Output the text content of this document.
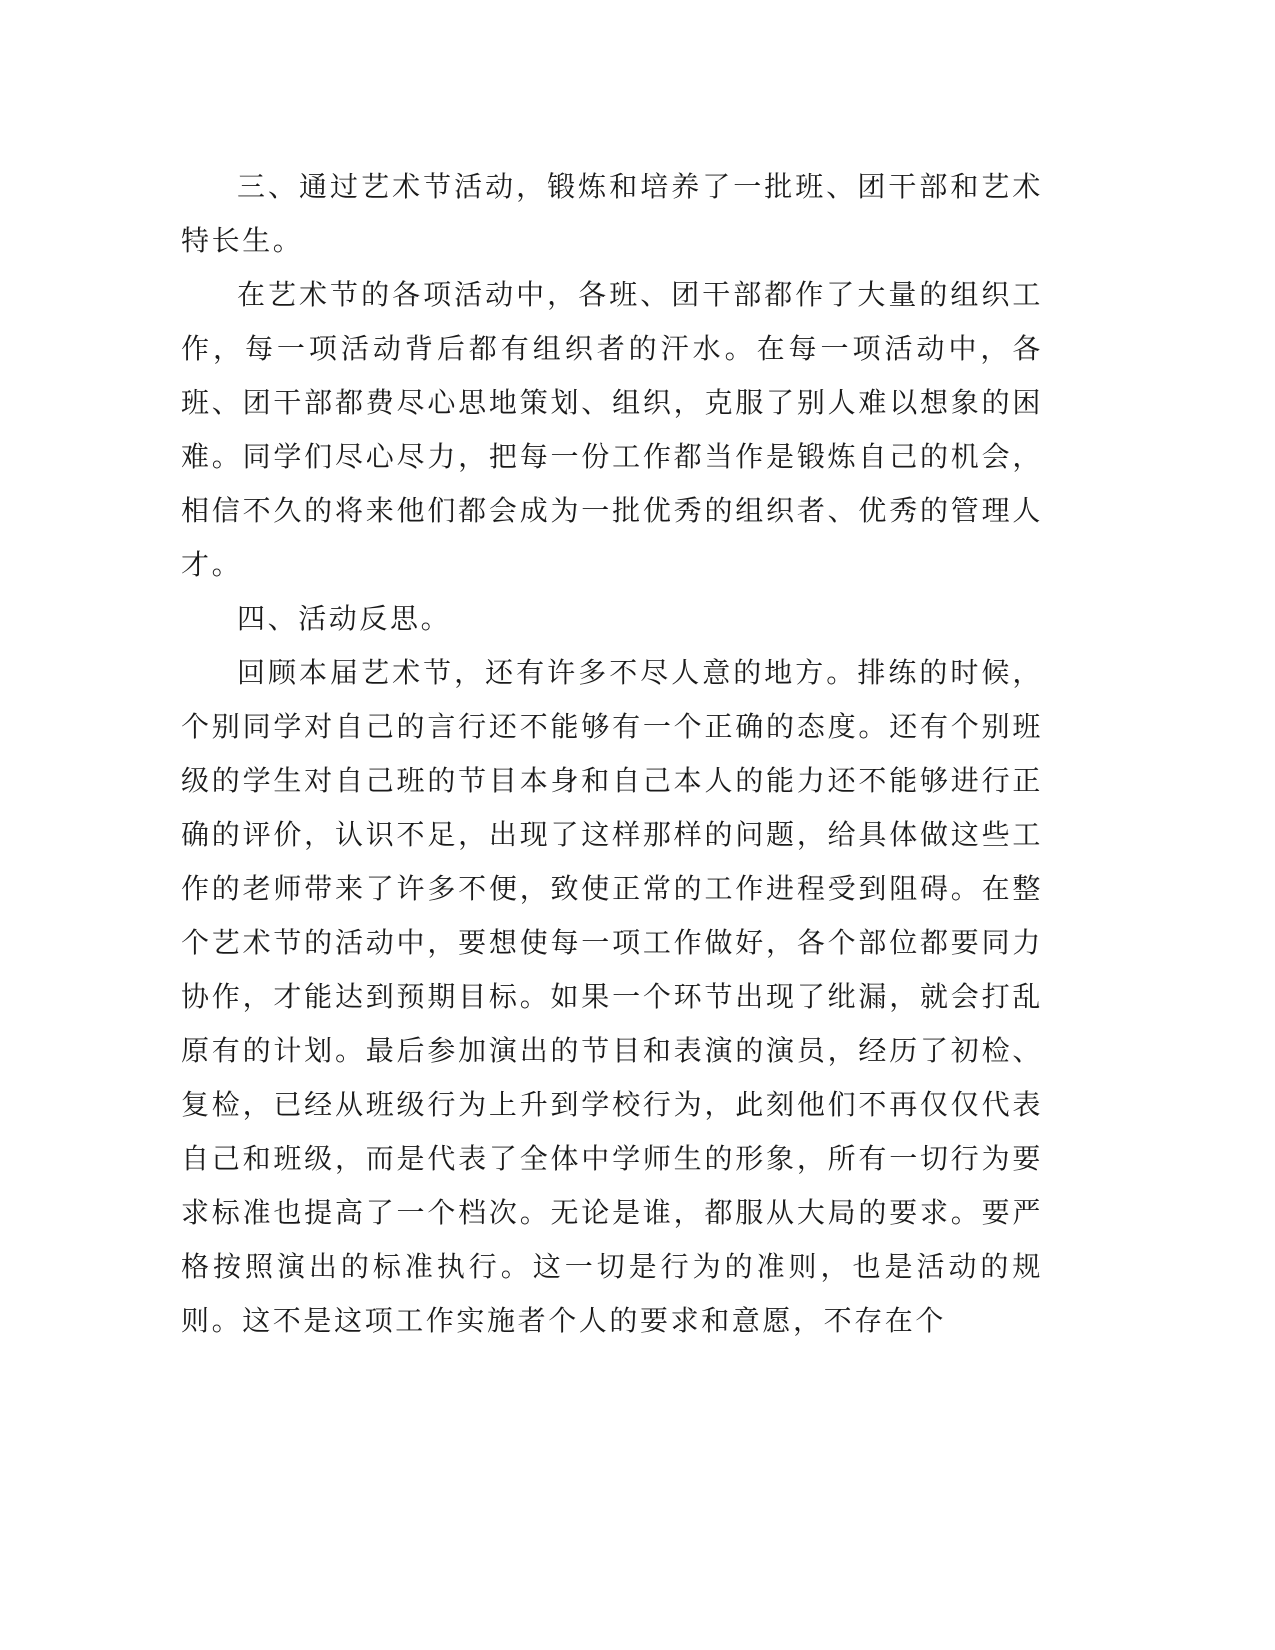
三、通过艺术节活动，锻炼和培养了一批班、团干部和艺术特长生。

在艺术节的各项活动中，各班、团干部都作了大量的组织工作，每一项活动背后都有组织者的汗水。在每一项活动中，各班、团干部都费尽心思地策划、组织，克服了别人难以想象的困难。同学们尽心尽力，把每一份工作都当作是锻炼自己的机会，相信不久的将来他们都会成为一批优秀的组织者、优秀的管理人才。

四、活动反思。

回顾本届艺术节，还有许多不尽人意的地方。排练的时候，个别同学对自己的言行还不能够有一个正确的态度。还有个别班级的学生对自己班的节目本身和自己本人的能力还不能够进行正确的评价，认识不足，出现了这样那样的问题，给具体做这些工作的老师带来了许多不便，致使正常的工作进程受到阻碍。在整个艺术节的活动中，要想使每一项工作做好，各个部位都要同力协作，才能达到预期目标。如果一个环节出现了纰漏，就会打乱原有的计划。最后参加演出的节目和表演的演员，经历了初检、复检，已经从班级行为上升到学校行为，此刻他们不再仅仅代表自己和班级，而是代表了全体中学师生的形象，所有一切行为要求标准也提高了一个档次。无论是谁，都服从大局的要求。要严格按照演出的标准执行。这一切是行为的准则，也是活动的规则。这不是这项工作实施者个人的要求和意愿，不存在个
